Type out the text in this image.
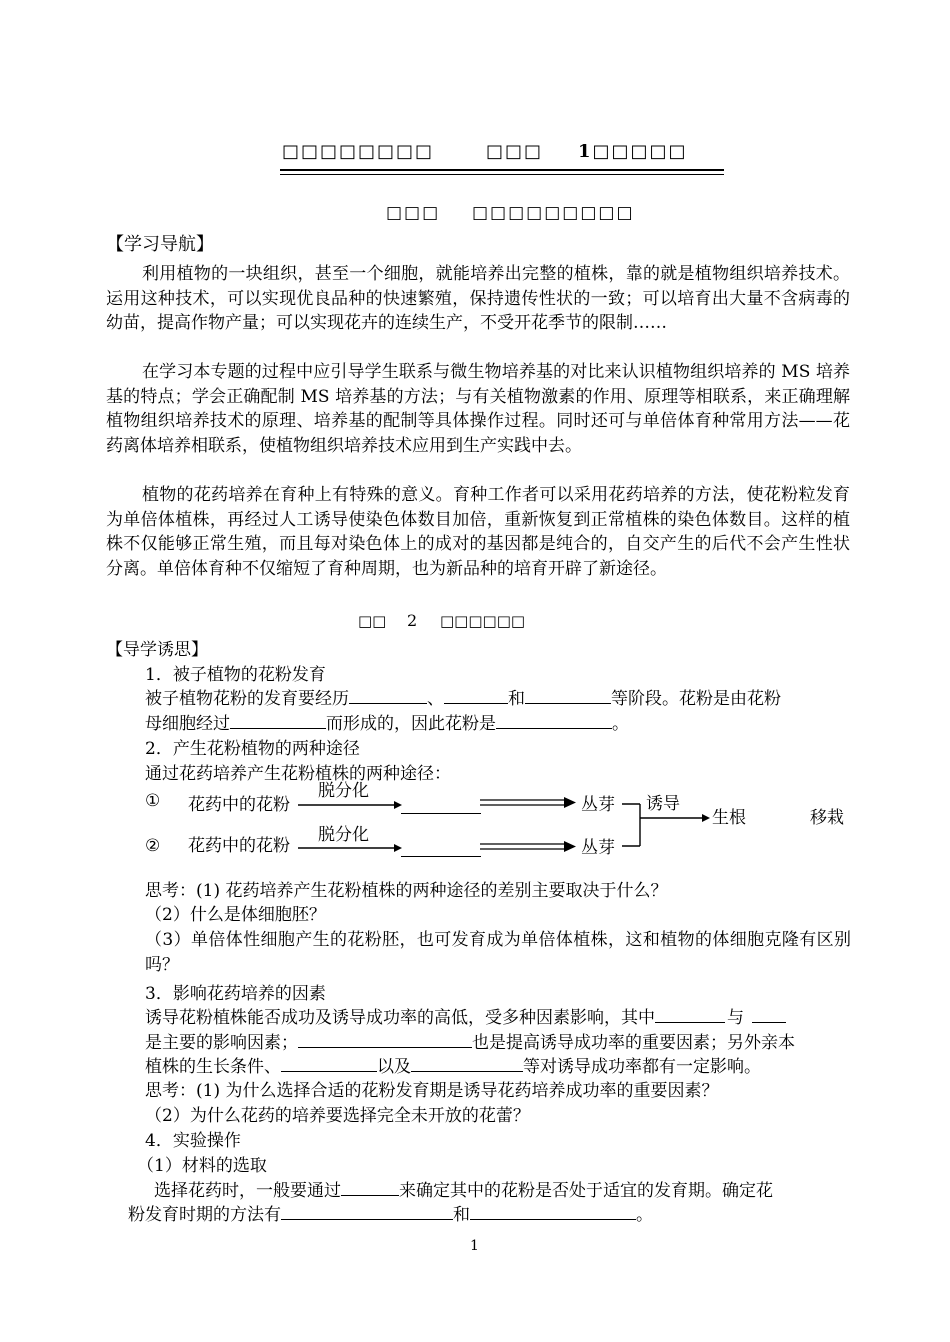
□□□□□□□□	□□□ 1□□□□□
□□□ □□□□□□□□□
【学习导航】
利用植物的一块组织，甚至一个细胞，就能培养出完整的植株，靠的就是植物组织培养技术。运用这种技术，可以实现优良品种的快速繁殖，保持遗传性状的一致；可以培育出大量不含病毒的幼苗，提高作物产量；可以实现花卉的连续生产，不受开花季节的限制……
在学习本专题的过程中应引导学生联系与微生物培养基的对比来认识植物组织培养的 MS 培养基的特点；学会正确配制 MS 培养基的方法；与有关植物激素的作用、原理等相联系，来正确理解植物组织培养技术的原理、培养基的配制等具体操作过程。同时还可与单倍体育种常用方法——花药离体培养相联系，使植物组织培养技术应用到生产实践中去。
植物的花药培养在育种上有特殊的意义。育种工作者可以采用花药培养的方法，使花粉粒发育为单倍体植株，再经过人工诱导使染色体数目加倍，重新恢复到正常植株的染色体数目。这样的植株不仅能够正常生殖，而且每对染色体上的成对的基因都是纯合的，自交产生的后代不会产生性状分离。单倍体育种不仅缩短了育种周期，也为新品种的培育开辟了新途径。
□□ 2 □□□□□□
【导学诱思】
1．被子植物的花粉发育
被子植物花粉的发育要经历	、	和	等阶段。花粉是由花粉
母细胞经过	而形成的，因此花粉是	。
2．产生花粉植物的两种途径
通过花药培养产生花粉植株的两种途径：
① 花药中的花粉
脱分化
丛芽
② 花药中的花粉
脱分化
丛芽
诱导
生根	移栽
思考：(1) 花药培养产生花粉植株的两种途径的差别主要取决于什么？
（2）什么是体细胞胚？
（3）单倍体性细胞产生的花粉胚，也可发育成为单倍体植株，这和植物的体细胞克隆有区别吗？
3．影响花药培养的因素
诱导花粉植株能否成功及诱导成功率的高低，受多种因素影响，其中	与
是主要的影响因素；	也是提高诱导成功率的重要因素；另外亲本
植株的生长条件、	以及	等对诱导成功率都有一定影响。
思考：(1) 为什么选择合适的花粉发育期是诱导花药培养成功率的重要因素？
（2）为什么花药的培养要选择完全未开放的花蕾？
4．实验操作
（1）材料的选取
选择花药时，一般要通过	来确定其中的花粉是否处于适宜的发育期。确定花
粉发育时期的方法有	和	。
1
